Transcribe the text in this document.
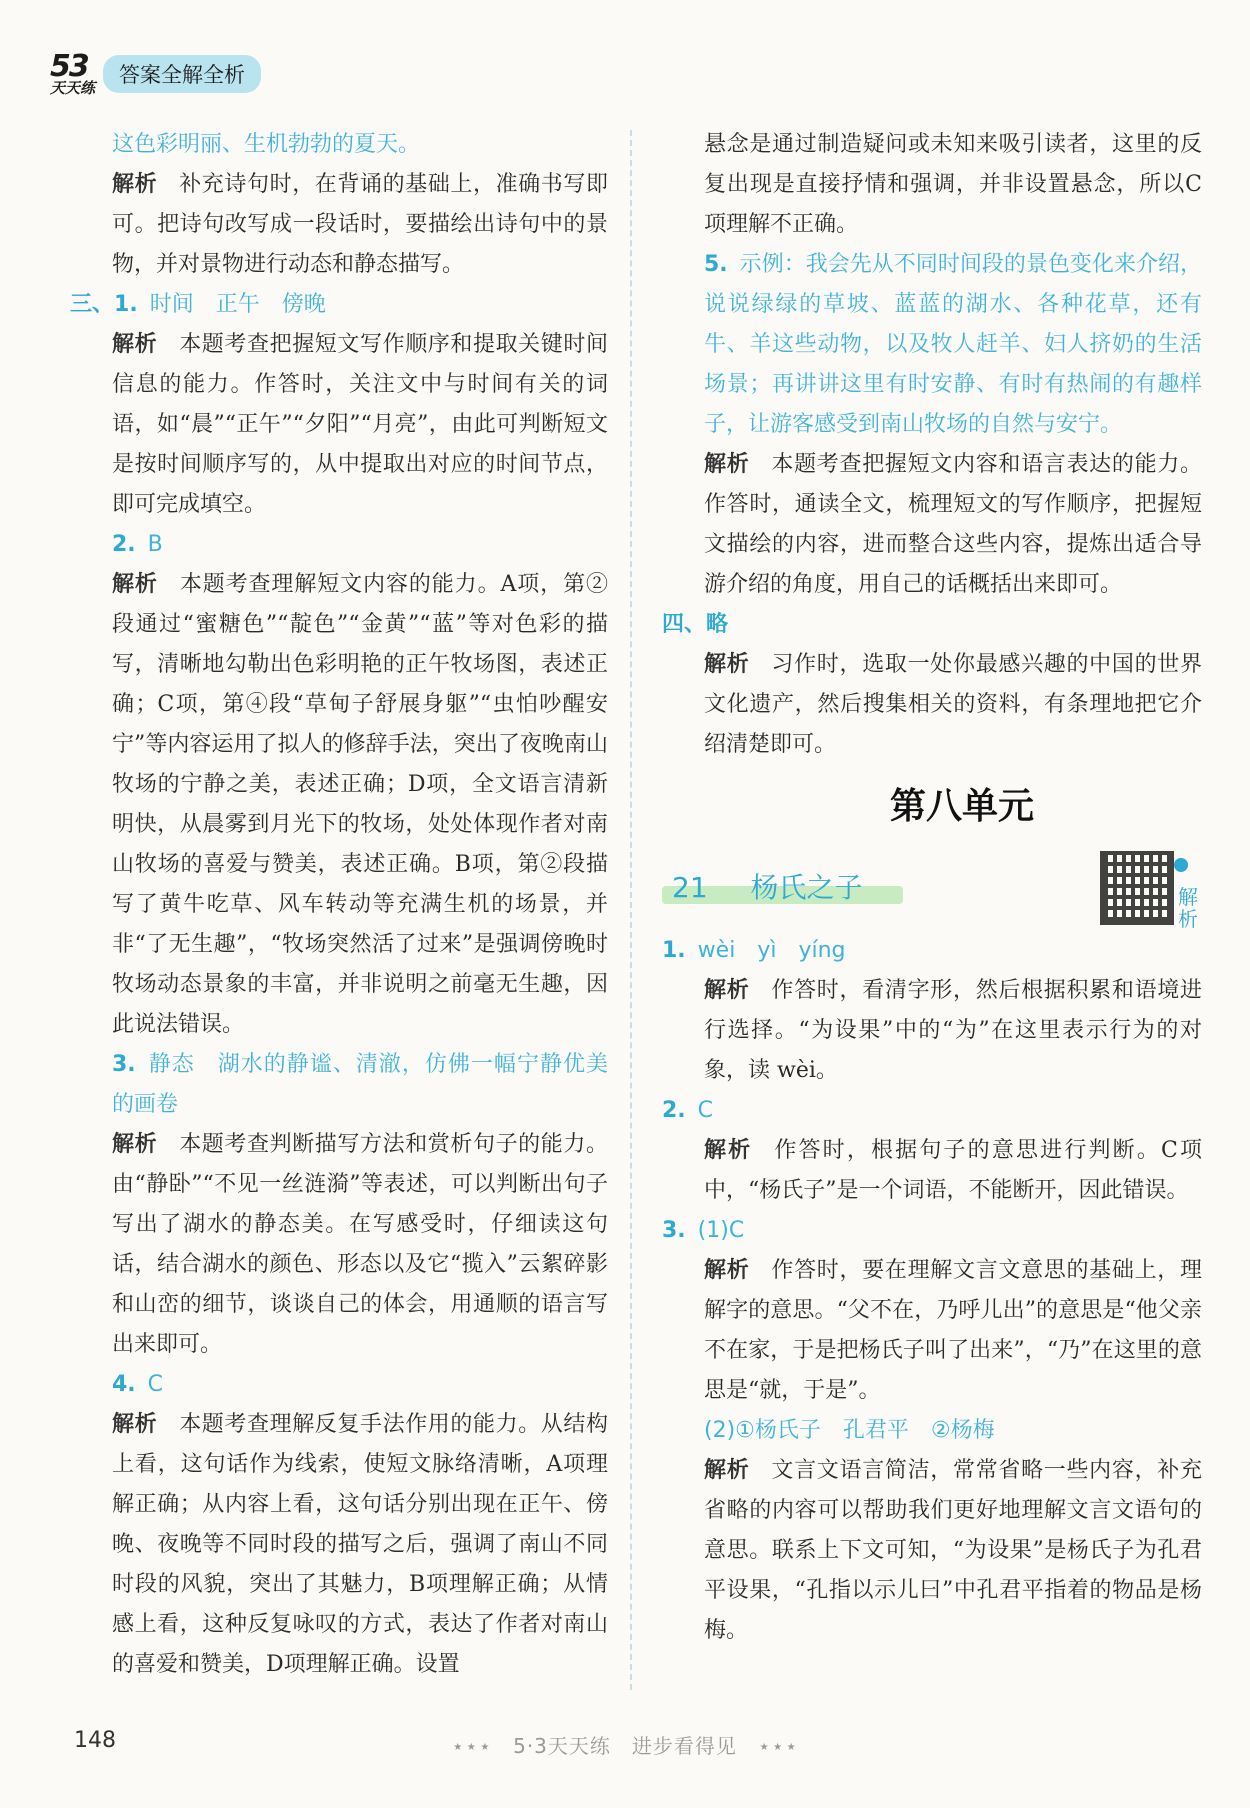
53
天天练
答案全解全析

这色彩明丽、生机勃勃的夏天。

解析 补充诗句时，在背诵的基础上，准确书写即可。把诗句改写成一段话时，要描绘出诗句中的景物，并对景物进行动态和静态描写。

三、1. 时间　正午　傍晚

解析 本题考查把握短文写作顺序和提取关键时间信息的能力。作答时，关注文中与时间有关的词语，如“晨”“正午”“夕阳”“月亮”，由此可判断短文是按时间顺序写的，从中提取出对应的时间节点，即可完成填空。

2. B

解析 本题考查理解短文内容的能力。A项，第②段通过“蜜糖色”“靛色”“金黄”“蓝”等对色彩的描写，清晰地勾勒出色彩明艳的正午牧场图，表述正确；C项，第④段“草甸子舒展身躯”“虫怕吵醒安宁”等内容运用了拟人的修辞手法，突出了夜晚南山牧场的宁静之美，表述正确；D项，全文语言清新明快，从晨雾到月光下的牧场，处处体现作者对南山牧场的喜爱与赞美，表述正确。B项，第②段描写了黄牛吃草、风车转动等充满生机的场景，并非“了无生趣”，“牧场突然活了过来”是强调傍晚时牧场动态景象的丰富，并非说明之前毫无生趣，因此说法错误。

3. 静态　湖水的静谧、清澈，仿佛一幅宁静优美的画卷

解析 本题考查判断描写方法和赏析句子的能力。由“静卧”“不见一丝涟漪”等表述，可以判断出句子写出了湖水的静态美。在写感受时，仔细读这句话，结合湖水的颜色、形态以及它“揽入”云絮碎影和山峦的细节，谈谈自己的体会，用通顺的语言写出来即可。

4. C

解析 本题考查理解反复手法作用的能力。从结构上看，这句话作为线索，使短文脉络清晰，A项理解正确；从内容上看，这句话分别出现在正午、傍晚、夜晚等不同时段的描写之后，强调了南山不同时段的风貌，突出了其魅力，B项理解正确；从情感上看，这种反复咏叹的方式，表达了作者对南山的喜爱和赞美，D项理解正确。设置

悬念是通过制造疑问或未知来吸引读者，这里的反复出现是直接抒情和强调，并非设置悬念，所以C项理解不正确。

5. 示例：我会先从不同时间段的景色变化来介绍，说说绿绿的草坡、蓝蓝的湖水、各种花草，还有牛、羊这些动物，以及牧人赶羊、妇人挤奶的生活场景；再讲讲这里有时安静、有时有热闹的有趣样子，让游客感受到南山牧场的自然与安宁。

解析 本题考查把握短文内容和语言表达的能力。作答时，通读全文，梳理短文的写作顺序，把握短文描绘的内容，进而整合这些内容，提炼出适合导游介绍的角度，用自己的话概括出来即可。

四、略

解析 习作时，选取一处你最感兴趣的中国的世界文化遗产，然后搜集相关的资料，有条理地把它介绍清楚即可。

第八单元
21 杨氏之子	解析

1. wèi　yì　yíng

解析 作答时，看清字形，然后根据积累和语境进行选择。“为设果”中的“为”在这里表示行为的对象，读 wèi。

2. C

解析 作答时，根据句子的意思进行判断。C项中，“杨氏子”是一个词语，不能断开，因此错误。

3. (1)C

解析 作答时，要在理解文言文意思的基础上，理解字的意思。“父不在，乃呼儿出”的意思是“他父亲不在家，于是把杨氏子叫了出来”，“乃”在这里的意思是“就，于是”。

(2)①杨氏子　孔君平　②杨梅

解析 文言文语言简洁，常常省略一些内容，补充省略的内容可以帮助我们更好地理解文言文语句的意思。联系上下文可知，“为设果”是杨氏子为孔君平设果，“孔指以示儿曰”中孔君平指着的物品是杨梅。

148	⋆⋆⋆　5·3天天练　进步看得见　⋆⋆⋆
